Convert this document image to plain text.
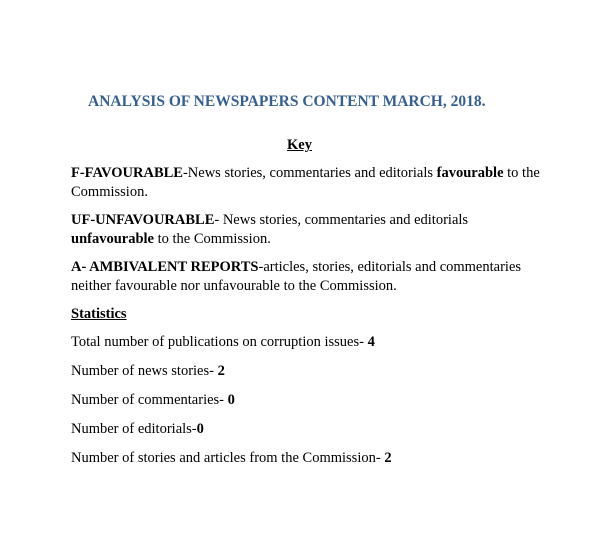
ANALYSIS OF NEWSPAPERS CONTENT MARCH, 2018.

Key

F-FAVOURABLE-News stories, commentaries and editorials favourable to the
Commission.

UF-UNFAVOURABLE- News stories, commentaries and editorials
unfavourable to the Commission.

A- AMBIVALENT REPORTS-articles, stories, editorials and commentaries
neither favourable nor unfavourable to the Commission.

Statistics

Total number of publications on corruption issues- 4

Number of news stories- 2

Number of commentaries- 0

Number of editorials-0

Number of stories and articles from the Commission- 2
